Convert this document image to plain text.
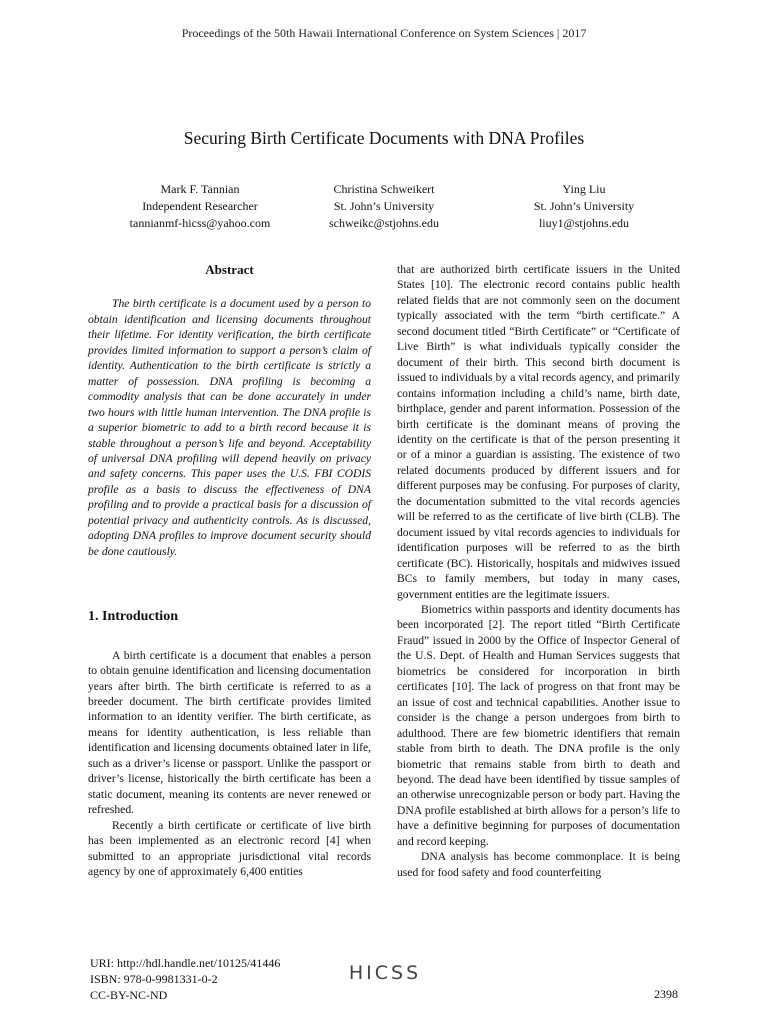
Proceedings of the 50th Hawaii International Conference on System Sciences | 2017
Securing Birth Certificate Documents with DNA Profiles
Mark F. Tannian
Independent Researcher
tannianmf-hicss@yahoo.com
Christina Schweikert
St. John’s University
schweikc@stjohns.edu
Ying Liu
St. John’s University
liuy1@stjohns.edu
Abstract

The birth certificate is a document used by a person to obtain identification and licensing documents throughout their lifetime. For identity verification, the birth certificate provides limited information to support a person’s claim of identity. Authentication to the birth certificate is strictly a matter of possession. DNA profiling is becoming a commodity analysis that can be done accurately in under two hours with little human intervention. The DNA profile is a superior biometric to add to a birth record because it is stable throughout a person’s life and beyond. Acceptability of universal DNA profiling will depend heavily on privacy and safety concerns. This paper uses the U.S. FBI CODIS profile as a basis to discuss the effectiveness of DNA profiling and to provide a practical basis for a discussion of potential privacy and authenticity controls. As is discussed, adopting DNA profiles to improve document security should be done cautiously.

1. Introduction

A birth certificate is a document that enables a person to obtain genuine identification and licensing documentation years after birth. The birth certificate is referred to as a breeder document. The birth certificate provides limited information to an identity verifier. The birth certificate, as means for identity authentication, is less reliable than identification and licensing documents obtained later in life, such as a driver’s license or passport. Unlike the passport or driver’s license, historically the birth certificate has been a static document, meaning its contents are never renewed or refreshed.

Recently a birth certificate or certificate of live birth has been implemented as an electronic record [4] when submitted to an appropriate jurisdictional vital records agency by one of approximately 6,400 entities

that are authorized birth certificate issuers in the United States [10]. The electronic record contains public health related fields that are not commonly seen on the document typically associated with the term “birth certificate.” A second document titled “Birth Certificate” or “Certificate of Live Birth” is what individuals typically consider the document of their birth. This second birth document is issued to individuals by a vital records agency, and primarily contains information including a child’s name, birth date, birthplace, gender and parent information. Possession of the birth certificate is the dominant means of proving the identity on the certificate is that of the person presenting it or of a minor a guardian is assisting. The existence of two related documents produced by different issuers and for different purposes may be confusing. For purposes of clarity, the documentation submitted to the vital records agencies will be referred to as the certificate of live birth (CLB). The document issued by vital records agencies to individuals for identification purposes will be referred to as the birth certificate (BC). Historically, hospitals and midwives issued BCs to family members, but today in many cases, government entities are the legitimate issuers.

Biometrics within passports and identity documents has been incorporated [2]. The report titled “Birth Certificate Fraud” issued in 2000 by the Office of Inspector General of the U.S. Dept. of Health and Human Services suggests that biometrics be considered for incorporation in birth certificates [10]. The lack of progress on that front may be an issue of cost and technical capabilities. Another issue to consider is the change a person undergoes from birth to adulthood. There are few biometric identifiers that remain stable from birth to death. The DNA profile is the only biometric that remains stable from birth to death and beyond. The dead have been identified by tissue samples of an otherwise unrecognizable person or body part. Having the DNA profile established at birth allows for a person’s life to have a definitive beginning for purposes of documentation and record keeping.

DNA analysis has become commonplace. It is being used for food safety and food counterfeiting

URI: http://hdl.handle.net/10125/41446
ISBN: 978-0-9981331-0-2
CC-BY-NC-ND
HICSS
2398
